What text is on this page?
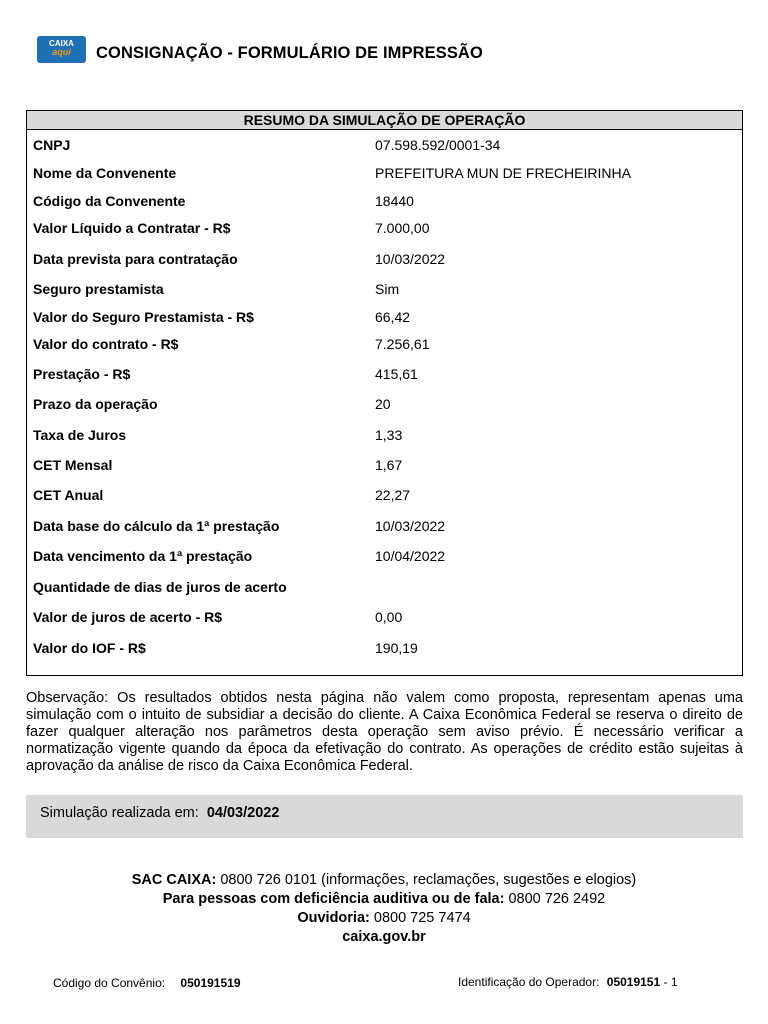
CAIXA
aqui	CONSIGNAÇÃO - FORMULÁRIO DE IMPRESSÃO
RESUMO DA SIMULAÇÃO DE OPERAÇÃO
CNPJ	07.598.592/0001-34
Nome da Convenente	PREFEITURA MUN DE FRECHEIRINHA
Código da Convenente	18440
Valor Líquido a Contratar - R$	7.000,00
Data prevista para contratação	10/03/2022
Seguro prestamista	Sim
Valor do Seguro Prestamista - R$	66,42
Valor do contrato - R$	7.256,61
Prestação - R$	415,61
Prazo da operação	20
Taxa de Juros	1,33
CET Mensal	1,67
CET Anual	22,27
Data base do cálculo da 1ª prestação	10/03/2022
Data vencimento da 1ª prestação	10/04/2022
Quantidade de dias de juros de acerto
Valor de juros de acerto - R$	0,00
Valor do IOF - R$	190,19
Observação: Os resultados obtidos nesta página não valem como proposta, representam apenas uma simulação com o intuito de subsidiar a decisão do cliente. A Caixa Econômica Federal se reserva o direito de fazer qualquer alteração nos parâmetros desta operação sem aviso prévio. É necessário verificar a normatização vigente quando da época da efetivação do contrato. As operações de crédito estão sujeitas à aprovação da análise de risco da Caixa Econômica Federal.
Simulação realizada em: 04/03/2022
SAC CAIXA: 0800 726 0101 (informações, reclamações, sugestões e elogios)
Para pessoas com deficiência auditiva ou de fala: 0800 726 2492
Ouvidoria: 0800 725 7474
caixa.gov.br
Código do Convênio: 050191519	Identificação do Operador: 05019151 - 1
